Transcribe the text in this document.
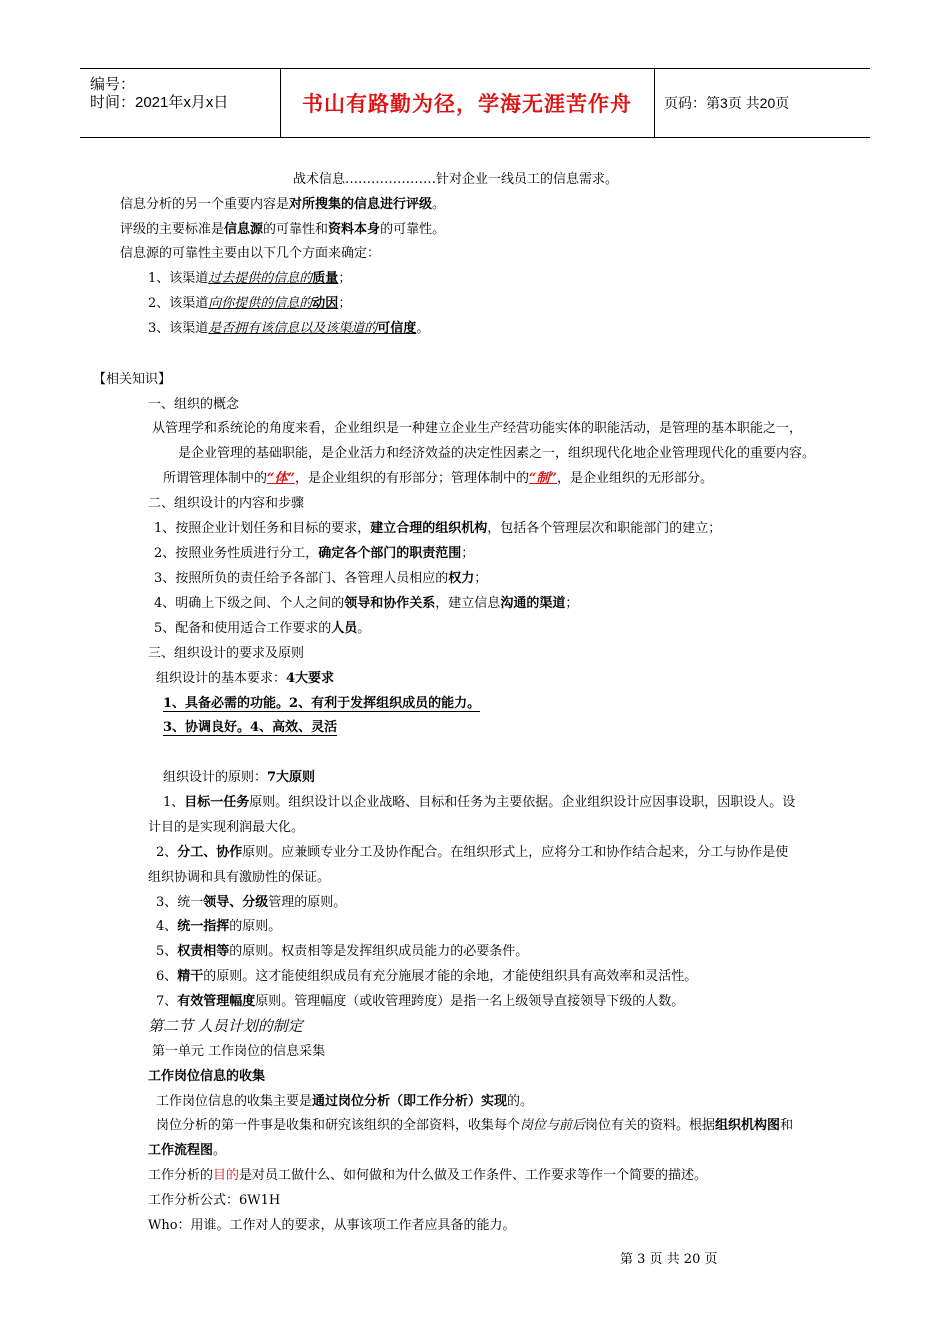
编号：
时间：2021年x月x日	书山有路勤为径，学海无涯苦作舟 页码：第3页 共20页
战术信息…………………针对企业一线员工的信息需求。
信息分析的另一个重要内容是对所搜集的信息进行评级。
评级的主要标准是信息源的可靠性和资料本身的可靠性。
信息源的可靠性主要由以下几个方面来确定：
1、该渠道过去提供的信息的质量；
2、该渠道向你提供的信息的动因；
3、该渠道是否拥有该信息以及该渠道的可信度。
【相关知识】
一、组织的概念
从管理学和系统论的角度来看，企业组织是一种建立企业生产经营功能实体的职能活动，是管理的基本职能之一，
是企业管理的基础职能，是企业活力和经济效益的决定性因素之一，组织现代化地企业管理现代化的重要内容。
所谓管理体制中的“体”，是企业组织的有形部分；管理体制中的“制”，是企业组织的无形部分。
二、组织设计的内容和步骤
1、按照企业计划任务和目标的要求，建立合理的组织机构，包括各个管理层次和职能部门的建立；
2、按照业务性质进行分工，确定各个部门的职责范围；
3、按照所负的责任给予各部门、各管理人员相应的权力；
4、明确上下级之间、个人之间的领导和协作关系，建立信息沟通的渠道；
5、配备和使用适合工作要求的人员。
三、组织设计的要求及原则
组织设计的基本要求：4大要求
1、具备必需的功能。2、有利于发挥组织成员的能力。
3、协调良好。4、高效、灵活
组织设计的原则：7大原则
1、目标一任务原则。组织设计以企业战略、目标和任务为主要依据。企业组织设计应因事设职，因职设人。设
计目的是实现利润最大化。
2、分工、协作原则。应兼顾专业分工及协作配合。在组织形式上，应将分工和协作结合起来，分工与协作是使
组织协调和具有激励性的保证。
3、统一领导、分级管理的原则。
4、统一指挥的原则。
5、权责相等的原则。权责相等是发挥组织成员能力的必要条件。
6、精干的原则。这才能使组织成员有充分施展才能的余地，才能使组织具有高效率和灵活性。
7、有效管理幅度原则。管理幅度（或收管理跨度）是指一名上级领导直接领导下级的人数。
第二节 人员计划的制定
第一单元 工作岗位的信息采集
工作岗位信息的收集
工作岗位信息的收集主要是通过岗位分析（即工作分析）实现的。
岗位分析的第一件事是收集和研究该组织的全部资料，收集每个岗位与前后岗位有关的资料。根据组织机构图和
工作流程图。
工作分析的目的是对员工做什么、如何做和为什么做及工作条件、工作要求等作一个简要的描述。
工作分析公式：6W1H
Who：用谁。工作对人的要求，从事该项工作者应具备的能力。
第 3 页 共 20 页
